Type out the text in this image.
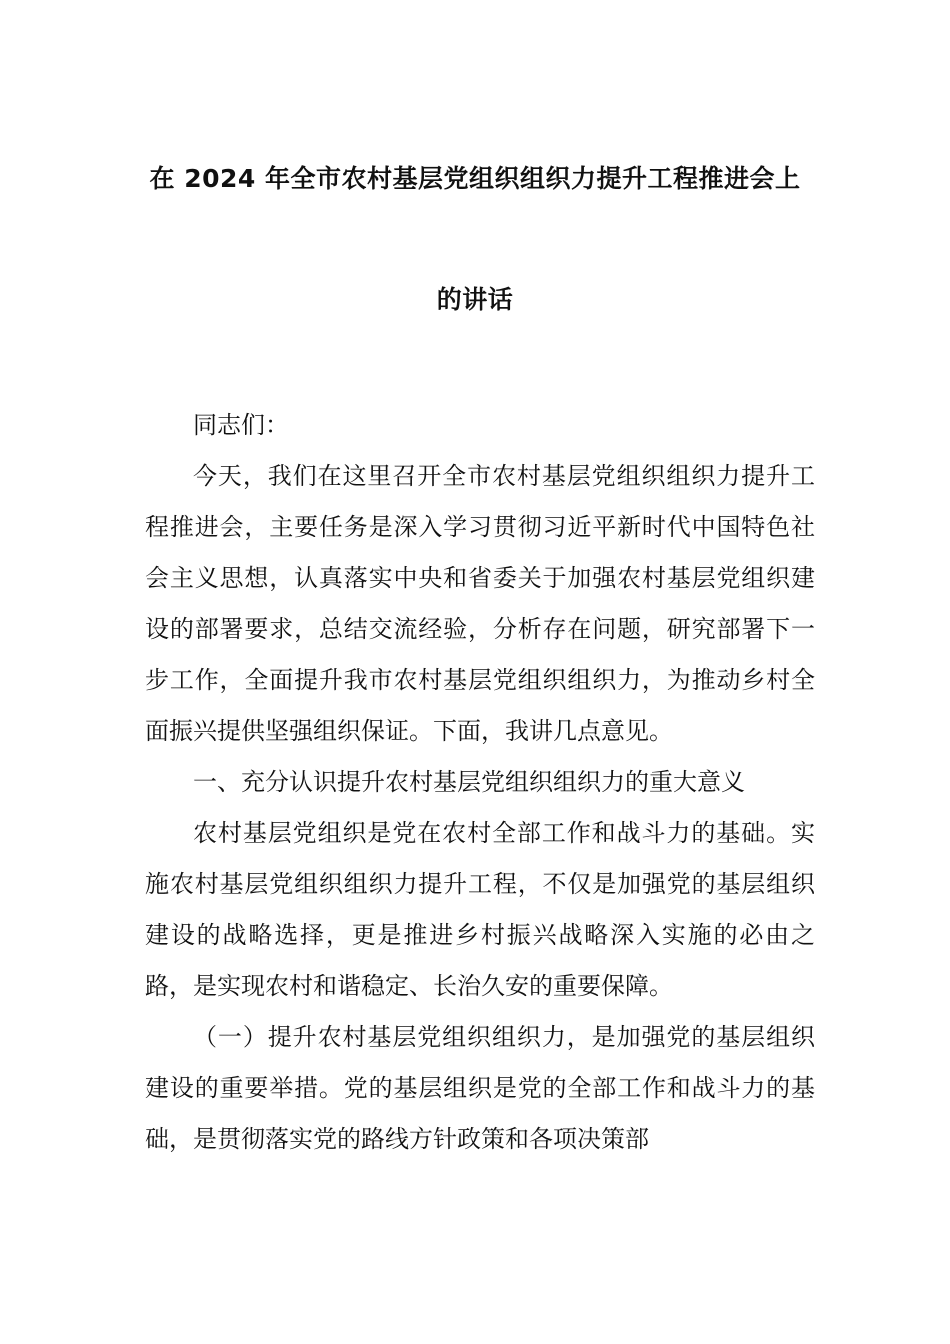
在 2024 年全市农村基层党组织组织力提升工程推进会上
的讲话

同志们：

今天，我们在这里召开全市农村基层党组织组织力提升工程推进会，主要任务是深入学习贯彻习近平新时代中国特色社会主义思想，认真落实中央和省委关于加强农村基层党组织建设的部署要求，总结交流经验，分析存在问题，研究部署下一步工作，全面提升我市农村基层党组织组织力，为推动乡村全面振兴提供坚强组织保证。下面，我讲几点意见。

一、充分认识提升农村基层党组织组织力的重大意义

农村基层党组织是党在农村全部工作和战斗力的基础。实施农村基层党组织组织力提升工程，不仅是加强党的基层组织建设的战略选择，更是推进乡村振兴战略深入实施的必由之路，是实现农村和谐稳定、长治久安的重要保障。

（一）提升农村基层党组织组织力，是加强党的基层组织建设的重要举措。党的基层组织是党的全部工作和战斗力的基础，是贯彻落实党的路线方针政策和各项决策部
